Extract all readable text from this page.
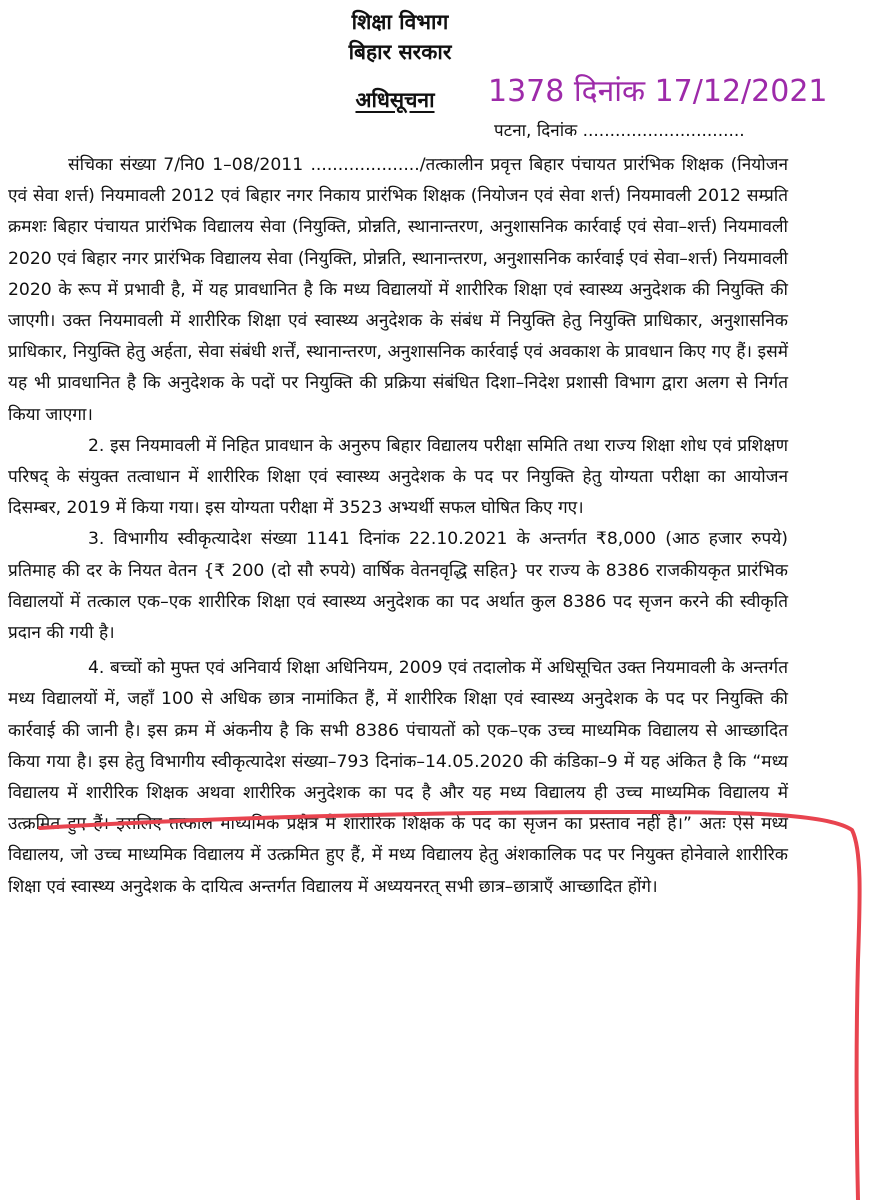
शिक्षा विभाग
बिहार सरकार
अधिसूचना	1378 दिनांक 17/12/2021
पटना, दिनांक ..............................

संचिका संख्या 7/नि0 1–08/2011 ..................../तत्कालीन प्रवृत्त बिहार पंचायत प्रारंभिक शिक्षक (नियोजन एवं सेवा शर्त्त) नियमावली 2012 एवं बिहार नगर निकाय प्रारंभिक शिक्षक (नियोजन एवं सेवा शर्त्त) नियमावली 2012 सम्प्रति क्रमशः बिहार पंचायत प्रारंभिक विद्यालय सेवा (नियुक्ति, प्रोन्नति, स्थानान्तरण, अनुशासनिक कार्रवाई एवं सेवा–शर्त्त) नियमावली 2020 एवं बिहार नगर प्रारंभिक विद्यालय सेवा (नियुक्ति, प्रोन्नति, स्थानान्तरण, अनुशासनिक कार्रवाई एवं सेवा–शर्त्त) नियमावली 2020 के रूप में प्रभावी है, में यह प्रावधानित है कि मध्य विद्यालयों में शारीरिक शिक्षा एवं स्वास्थ्य अनुदेशक की नियुक्ति की जाएगी। उक्त नियमावली में शारीरिक शिक्षा एवं स्वास्थ्य अनुदेशक के संबंध में नियुक्ति हेतु नियुक्ति प्राधिकार, अनुशासनिक प्राधिकार, नियुक्ति हेतु अर्हता, सेवा संबंधी शर्त्तें, स्थानान्तरण, अनुशासनिक कार्रवाई एवं अवकाश के प्रावधान किए गए हैं। इसमें यह भी प्रावधानित है कि अनुदेशक के पदों पर नियुक्ति की प्रक्रिया संबंधित दिशा–निदेश प्रशासी विभाग द्वारा अलग से निर्गत किया जाएगा।

2. इस नियमावली में निहित प्रावधान के अनुरुप बिहार विद्यालय परीक्षा समिति तथा राज्य शिक्षा शोध एवं प्रशिक्षण परिषद् के संयुक्त तत्वाधान में शारीरिक शिक्षा एवं स्वास्थ्य अनुदेशक के पद पर नियुक्ति हेतु योग्यता परीक्षा का आयोजन दिसम्बर, 2019 में किया गया। इस योग्यता परीक्षा में 3523 अभ्यर्थी सफल घोषित किए गए।

3. विभागीय स्वीकृत्यादेश संख्या 1141 दिनांक 22.10.2021 के अन्तर्गत ₹8,000 (आठ हजार रुपये) प्रतिमाह की दर के नियत वेतन {₹ 200 (दो सौ रुपये) वार्षिक वेतनवृद्धि सहित} पर राज्य के 8386 राजकीयकृत प्रारंभिक विद्यालयों में तत्काल एक–एक शारीरिक शिक्षा एवं स्वास्थ्य अनुदेशक का पद अर्थात कुल 8386 पद सृजन करने की स्वीकृति प्रदान की गयी है।

4. बच्चों को मुफ्त एवं अनिवार्य शिक्षा अधिनियम, 2009 एवं तदालोक में अधिसूचित उक्त नियमावली के अन्तर्गत मध्य विद्यालयों में, जहाँ 100 से अधिक छात्र नामांकित हैं, में शारीरिक शिक्षा एवं स्वास्थ्य अनुदेशक के पद पर नियुक्ति की कार्रवाई की जानी है। इस क्रम में अंकनीय है कि सभी 8386 पंचायतों को एक–एक उच्च माध्यमिक विद्यालय से आच्छादित किया गया है। इस हेतु विभागीय स्वीकृत्यादेश संख्या–793 दिनांक–14.05.2020 की कंडिका–9 में यह अंकित है कि “मध्य विद्यालय में शारीरिक शिक्षक अथवा शारीरिक अनुदेशक का पद है और यह मध्य विद्यालय ही उच्च माध्यमिक विद्यालय में उत्क्रमित हुए हैं। इसलिए तत्काल माध्यमिक प्रक्षेत्र में शारीरिक शिक्षक के पद का सृजन का प्रस्ताव नहीं है।” अतः ऐसे मध्य विद्यालय, जो उच्च माध्यमिक विद्यालय में उत्क्रमित हुए हैं, में मध्य विद्यालय हेतु अंशकालिक पद पर नियुक्त होनेवाले शारीरिक शिक्षा एवं स्वास्थ्य अनुदेशक के दायित्व अन्तर्गत विद्यालय में अध्ययनरत् सभी छात्र–छात्राएँ आच्छादित होंगे।
